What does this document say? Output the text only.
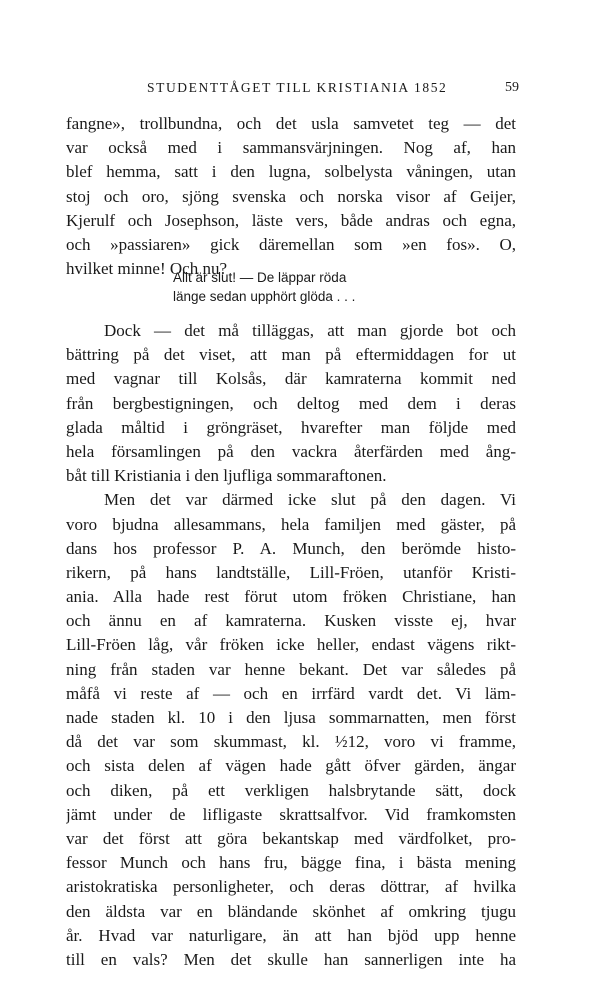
STUDENTTÅGET TILL KRISTIANIA 1852	59
fangne», trollbundna, och det usla samvetet teg — det
var också med i sammansvärjningen. Nog af, han
blef hemma, satt i den lugna, solbelysta våningen, utan
stoj och oro, sjöng svenska och norska visor af Geijer,
Kjerulf och Josephson, läste vers, både andras och egna,
och »passiaren» gick däremellan som »en fos». O,
hvilket minne! Och nu?
Allt är slut! — De läppar röda
länge sedan upphört glöda . . .
Dock — det må tilläggas, att man gjorde bot och
bättring på det viset, att man på eftermiddagen for ut
med vagnar till Kolsås, där kamraterna kommit ned
från bergbestigningen, och deltog med dem i deras
glada måltid i gröngräset, hvarefter man följde med
hela församlingen på den vackra återfärden med ång-
båt till Kristiania i den ljufliga sommaraftonen.
Men det var därmed icke slut på den dagen. Vi
voro bjudna allesammans, hela familjen med gäster, på
dans hos professor P. A. Munch, den berömde histo-
rikern, på hans landtställe, Lill-Fröen, utanför Kristi-
ania. Alla hade rest förut utom fröken Christiane, han
och ännu en af kamraterna. Kusken visste ej, hvar
Lill-Fröen låg, vår fröken icke heller, endast vägens rikt-
ning från staden var henne bekant. Det var således på
måfå vi reste af — och en irrfärd vardt det. Vi läm-
nade staden kl. 10 i den ljusa sommarnatten, men först
då det var som skummast, kl. ½12, voro vi framme,
och sista delen af vägen hade gått öfver gärden, ängar
och diken, på ett verkligen halsbrytande sätt, dock
jämt under de lifligaste skrattsalfvor. Vid framkomsten
var det först att göra bekantskap med värdfolket, pro-
fessor Munch och hans fru, bägge fina, i bästa mening
aristokratiska personligheter, och deras döttrar, af hvilka
den äldsta var en bländande skönhet af omkring tjugu
år. Hvad var naturligare, än att han bjöd upp henne
till en vals? Men det skulle han sannerligen inte ha
